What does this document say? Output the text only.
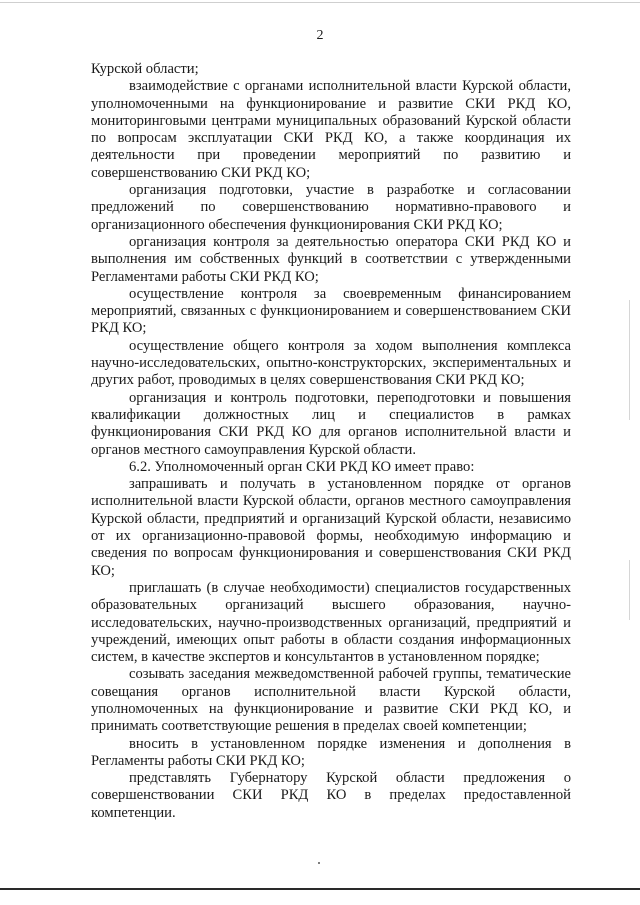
2

Курской области;

взаимодействие с органами исполнительной власти Курской области, уполномоченными на функционирование и развитие СКИ РКД КО, мониторинговыми центрами муниципальных образований Курской области по вопросам эксплуатации СКИ РКД КО, а также координация их деятельности при проведении мероприятий по развитию и совершенствованию СКИ РКД КО;

организация подготовки, участие в разработке и согласовании предложений по совершенствованию нормативно-правового и организационного обеспечения функционирования СКИ РКД КО;

организация контроля за деятельностью оператора СКИ РКД КО и выполнения им собственных функций в соответствии с утвержденными Регламентами работы СКИ РКД КО;

осуществление контроля за своевременным финансированием мероприятий, связанных с функционированием и совершенствованием СКИ РКД КО;

осуществление общего контроля за ходом выполнения комплекса научно-исследовательских, опытно-конструкторских, экспериментальных и других работ, проводимых в целях совершенствования СКИ РКД КО;

организация и контроль подготовки, переподготовки и повышения квалификации должностных лиц и специалистов в рамках функционирования СКИ РКД КО для органов исполнительной власти и органов местного самоуправления Курской области.

6.2. Уполномоченный орган СКИ РКД КО имеет право:

запрашивать и получать в установленном порядке от органов исполнительной власти Курской области, органов местного самоуправления Курской области, предприятий и организаций Курской области, независимо от их организационно-правовой формы, необходимую информацию и сведения по вопросам функционирования и совершенствования СКИ РКД КО;

приглашать (в случае необходимости) специалистов государственных образовательных организаций высшего образования, научно-исследовательских, научно-производственных организаций, предприятий и учреждений, имеющих опыт работы в области создания информационных систем, в качестве экспертов и консультантов в установленном порядке;

созывать заседания межведомственной рабочей группы, тематические совещания органов исполнительной власти Курской области, уполномоченных на функционирование и развитие СКИ РКД КО, и принимать соответствующие решения в пределах своей компетенции;

вносить в установленном порядке изменения и дополнения в Регламенты работы СКИ РКД КО;

представлять Губернатору Курской области предложения о совершенствовании СКИ РКД КО в пределах предоставленной компетенции.
